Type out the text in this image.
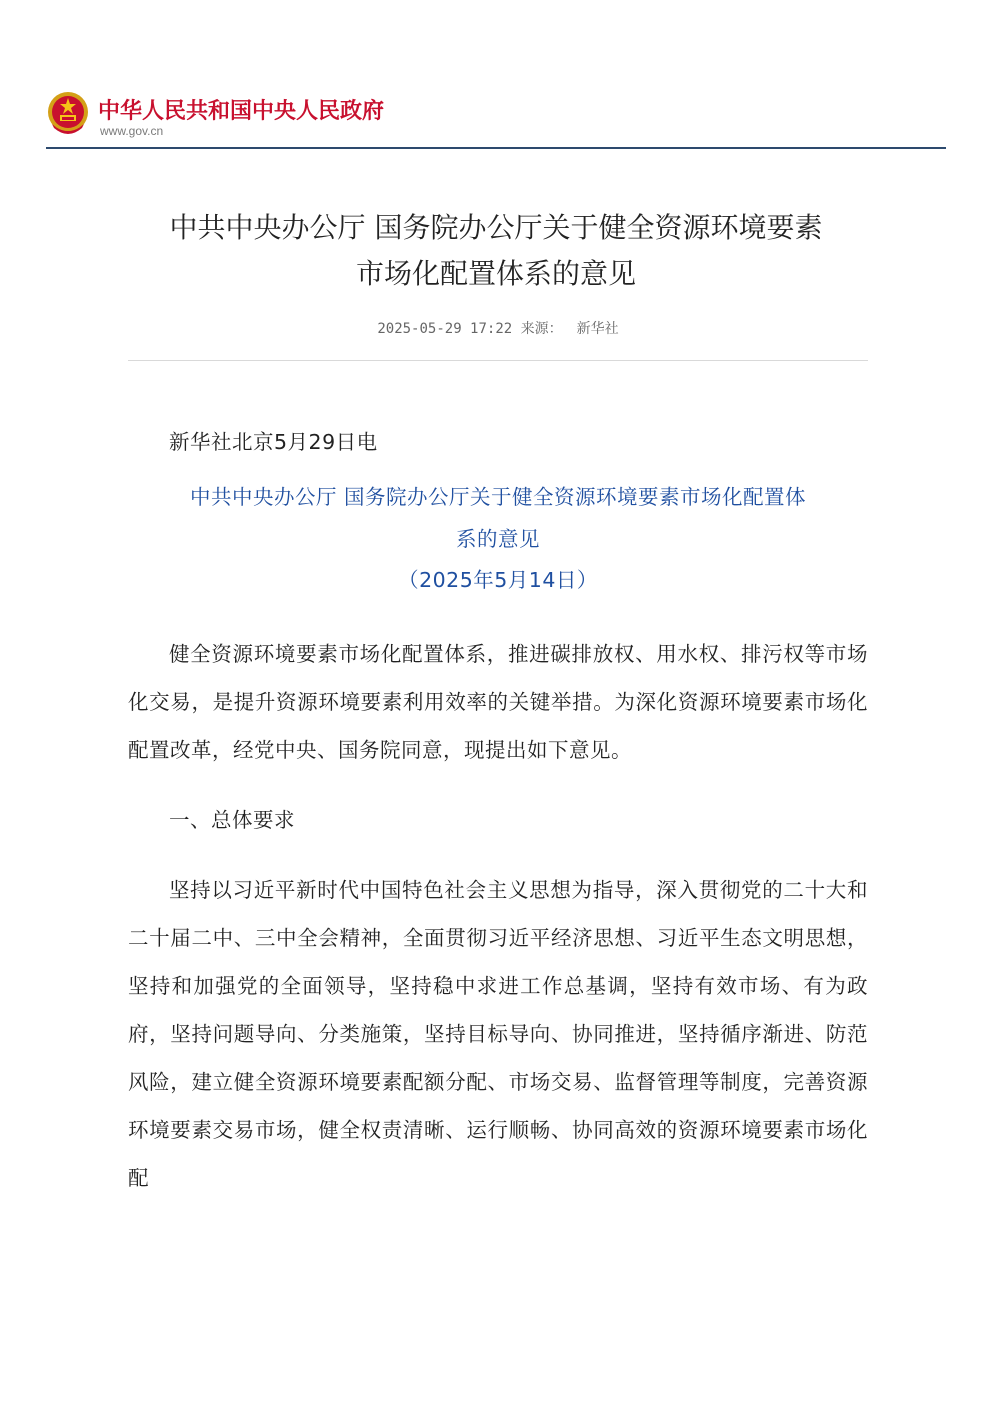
中华人民共和国中央人民政府
www.gov.cn
中共中央办公厅 国务院办公厅关于健全资源环境要素
市场化配置体系的意见
2025-05-29 17:22 来源： 新华社

新华社北京5月29日电

中共中央办公厅 国务院办公厅关于健全资源环境要素市场化配置体
系的意见

（2025年5月14日）

健全资源环境要素市场化配置体系，推进碳排放权、用水权、排污权等市场化交易，是提升资源环境要素利用效率的关键举措。为深化资源环境要素市场化配置改革，经党中央、国务院同意，现提出如下意见。

一、总体要求

坚持以习近平新时代中国特色社会主义思想为指导，深入贯彻党的二十大和二十届二中、三中全会精神，全面贯彻习近平经济思想、习近平生态文明思想，坚持和加强党的全面领导，坚持稳中求进工作总基调，坚持有效市场、有为政府，坚持问题导向、分类施策，坚持目标导向、协同推进，坚持循序渐进、防范风险，建立健全资源环境要素配额分配、市场交易、监督管理等制度，完善资源环境要素交易市场，健全权责清晰、运行顺畅、协同高效的资源环境要素市场化配
